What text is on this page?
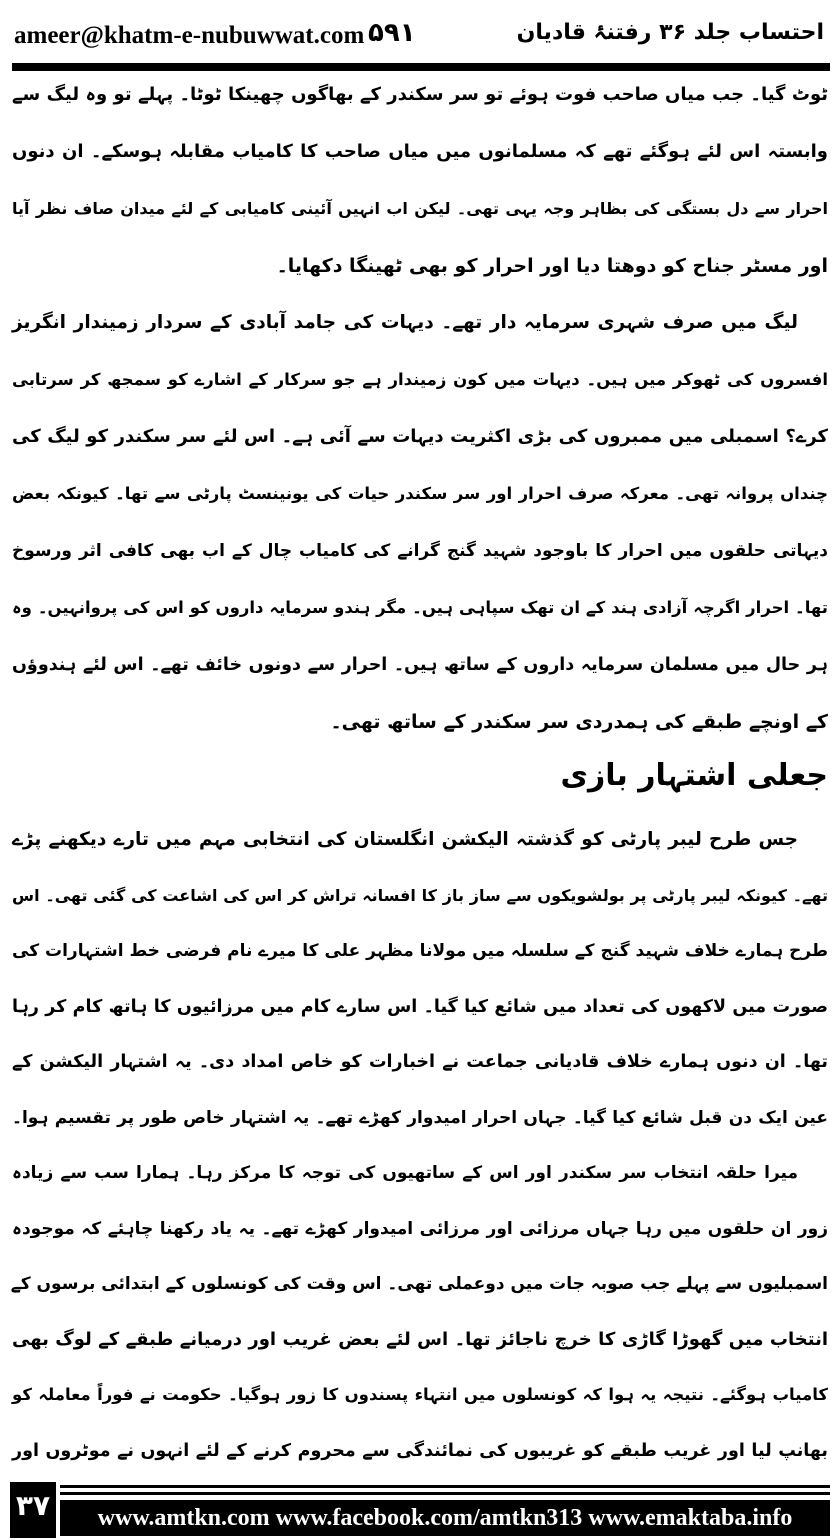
ameer@khatm-e-nubuwwat.com ۵۹۱	احتساب جلد ۳۶ رفتنۂ قادیان
ٹوٹ گیا۔ جب میاں صاحب فوت ہوئے تو سر سکندر کے بھاگوں چھینکا ٹوٹا۔ پہلے تو وہ لیگ سے
وابستہ اس لئے ہوگئے تھے کہ مسلمانوں میں میاں صاحب کا کامیاب مقابلہ ہوسکے۔ ان دنوں
احرار سے دل بستگی کی بظاہر وجہ یہی تھی۔ لیکن اب انہیں آئینی کامیابی کے لئے میدان صاف نظر آیا
اور مسٹر جناح کو دوھتا دیا اور احرار کو بھی ٹھینگا دکھایا۔
لیگ میں صرف شہری سرمایہ دار تھے۔ دیہات کی جامد آبادی کے سردار زمیندار انگریز
افسروں کی ٹھوکر میں ہیں۔ دیہات میں کون زمیندار ہے جو سرکار کے اشارے کو سمجھ کر سرتابی
کرے؟ اسمبلی میں ممبروں کی بڑی اکثریت دیہات سے آئی ہے۔ اس لئے سر سکندر کو لیگ کی
چنداں پروانہ تھی۔ معرکہ صرف احرار اور سر سکندر حیات کی یونینسٹ پارٹی سے تھا۔ کیونکہ بعض
دیہاتی حلقوں میں احرار کا باوجود شہید گنج گرانے کی کامیاب چال کے اب بھی کافی اثر ورسوخ
تھا۔ احرار اگرچہ آزادی ہند کے ان تھک سپاہی ہیں۔ مگر ہندو سرمایہ داروں کو اس کی پروانہیں۔ وہ
ہر حال میں مسلمان سرمایہ داروں کے ساتھ ہیں۔ احرار سے دونوں خائف تھے۔ اس لئے ہندوؤں
کے اونچے طبقے کی ہمدردی سر سکندر کے ساتھ تھی۔
جعلی اشتہار بازی
جس طرح لیبر پارٹی کو گذشتہ الیکشن انگلستان کی انتخابی مہم میں تارے دیکھنے پڑے
تھے۔ کیونکہ لیبر پارٹی پر بولشویکوں سے ساز باز کا افسانہ تراش کر اس کی اشاعت کی گئی تھی۔ اس
طرح ہمارے خلاف شہید گنج کے سلسلہ میں مولانا مظہر علی کا میرے نام فرضی خط اشتہارات کی
صورت میں لاکھوں کی تعداد میں شائع کیا گیا۔ اس سارے کام میں مرزائیوں کا ہاتھ کام کر رہا
تھا۔ ان دنوں ہمارے خلاف قادیانی جماعت نے اخبارات کو خاص امداد دی۔ یہ اشتہار الیکشن کے
عین ایک دن قبل شائع کیا گیا۔ جہاں احرار امیدوار کھڑے تھے۔ یہ اشتہار خاص طور پر تقسیم ہوا۔
میرا حلقہ انتخاب سر سکندر اور اس کے ساتھیوں کی توجہ کا مرکز رہا۔ ہمارا سب سے زیادہ
زور ان حلقوں میں رہا جہاں مرزائی اور مرزائی امیدوار کھڑے تھے۔ یہ یاد رکھنا چاہئے کہ موجودہ
اسمبلیوں سے پہلے جب صوبہ جات میں دوعملی تھی۔ اس وقت کی کونسلوں کے ابتدائی برسوں کے
انتخاب میں گھوڑا گاڑی کا خرچ ناجائز تھا۔ اس لئے بعض غریب اور درمیانے طبقے کے لوگ بھی
کامیاب ہوگئے۔ نتیجہ یہ ہوا کہ کونسلوں میں انتہاء پسندوں کا زور ہوگیا۔ حکومت نے فوراً معاملہ کو
بھانپ لیا اور غریب طبقے کو غریبوں کی نمائندگی سے محروم کرنے کے لئے انہوں نے موٹروں اور
۳۷	www.amtkn.com www.facebook.com/amtkn313 www.emaktaba.info
